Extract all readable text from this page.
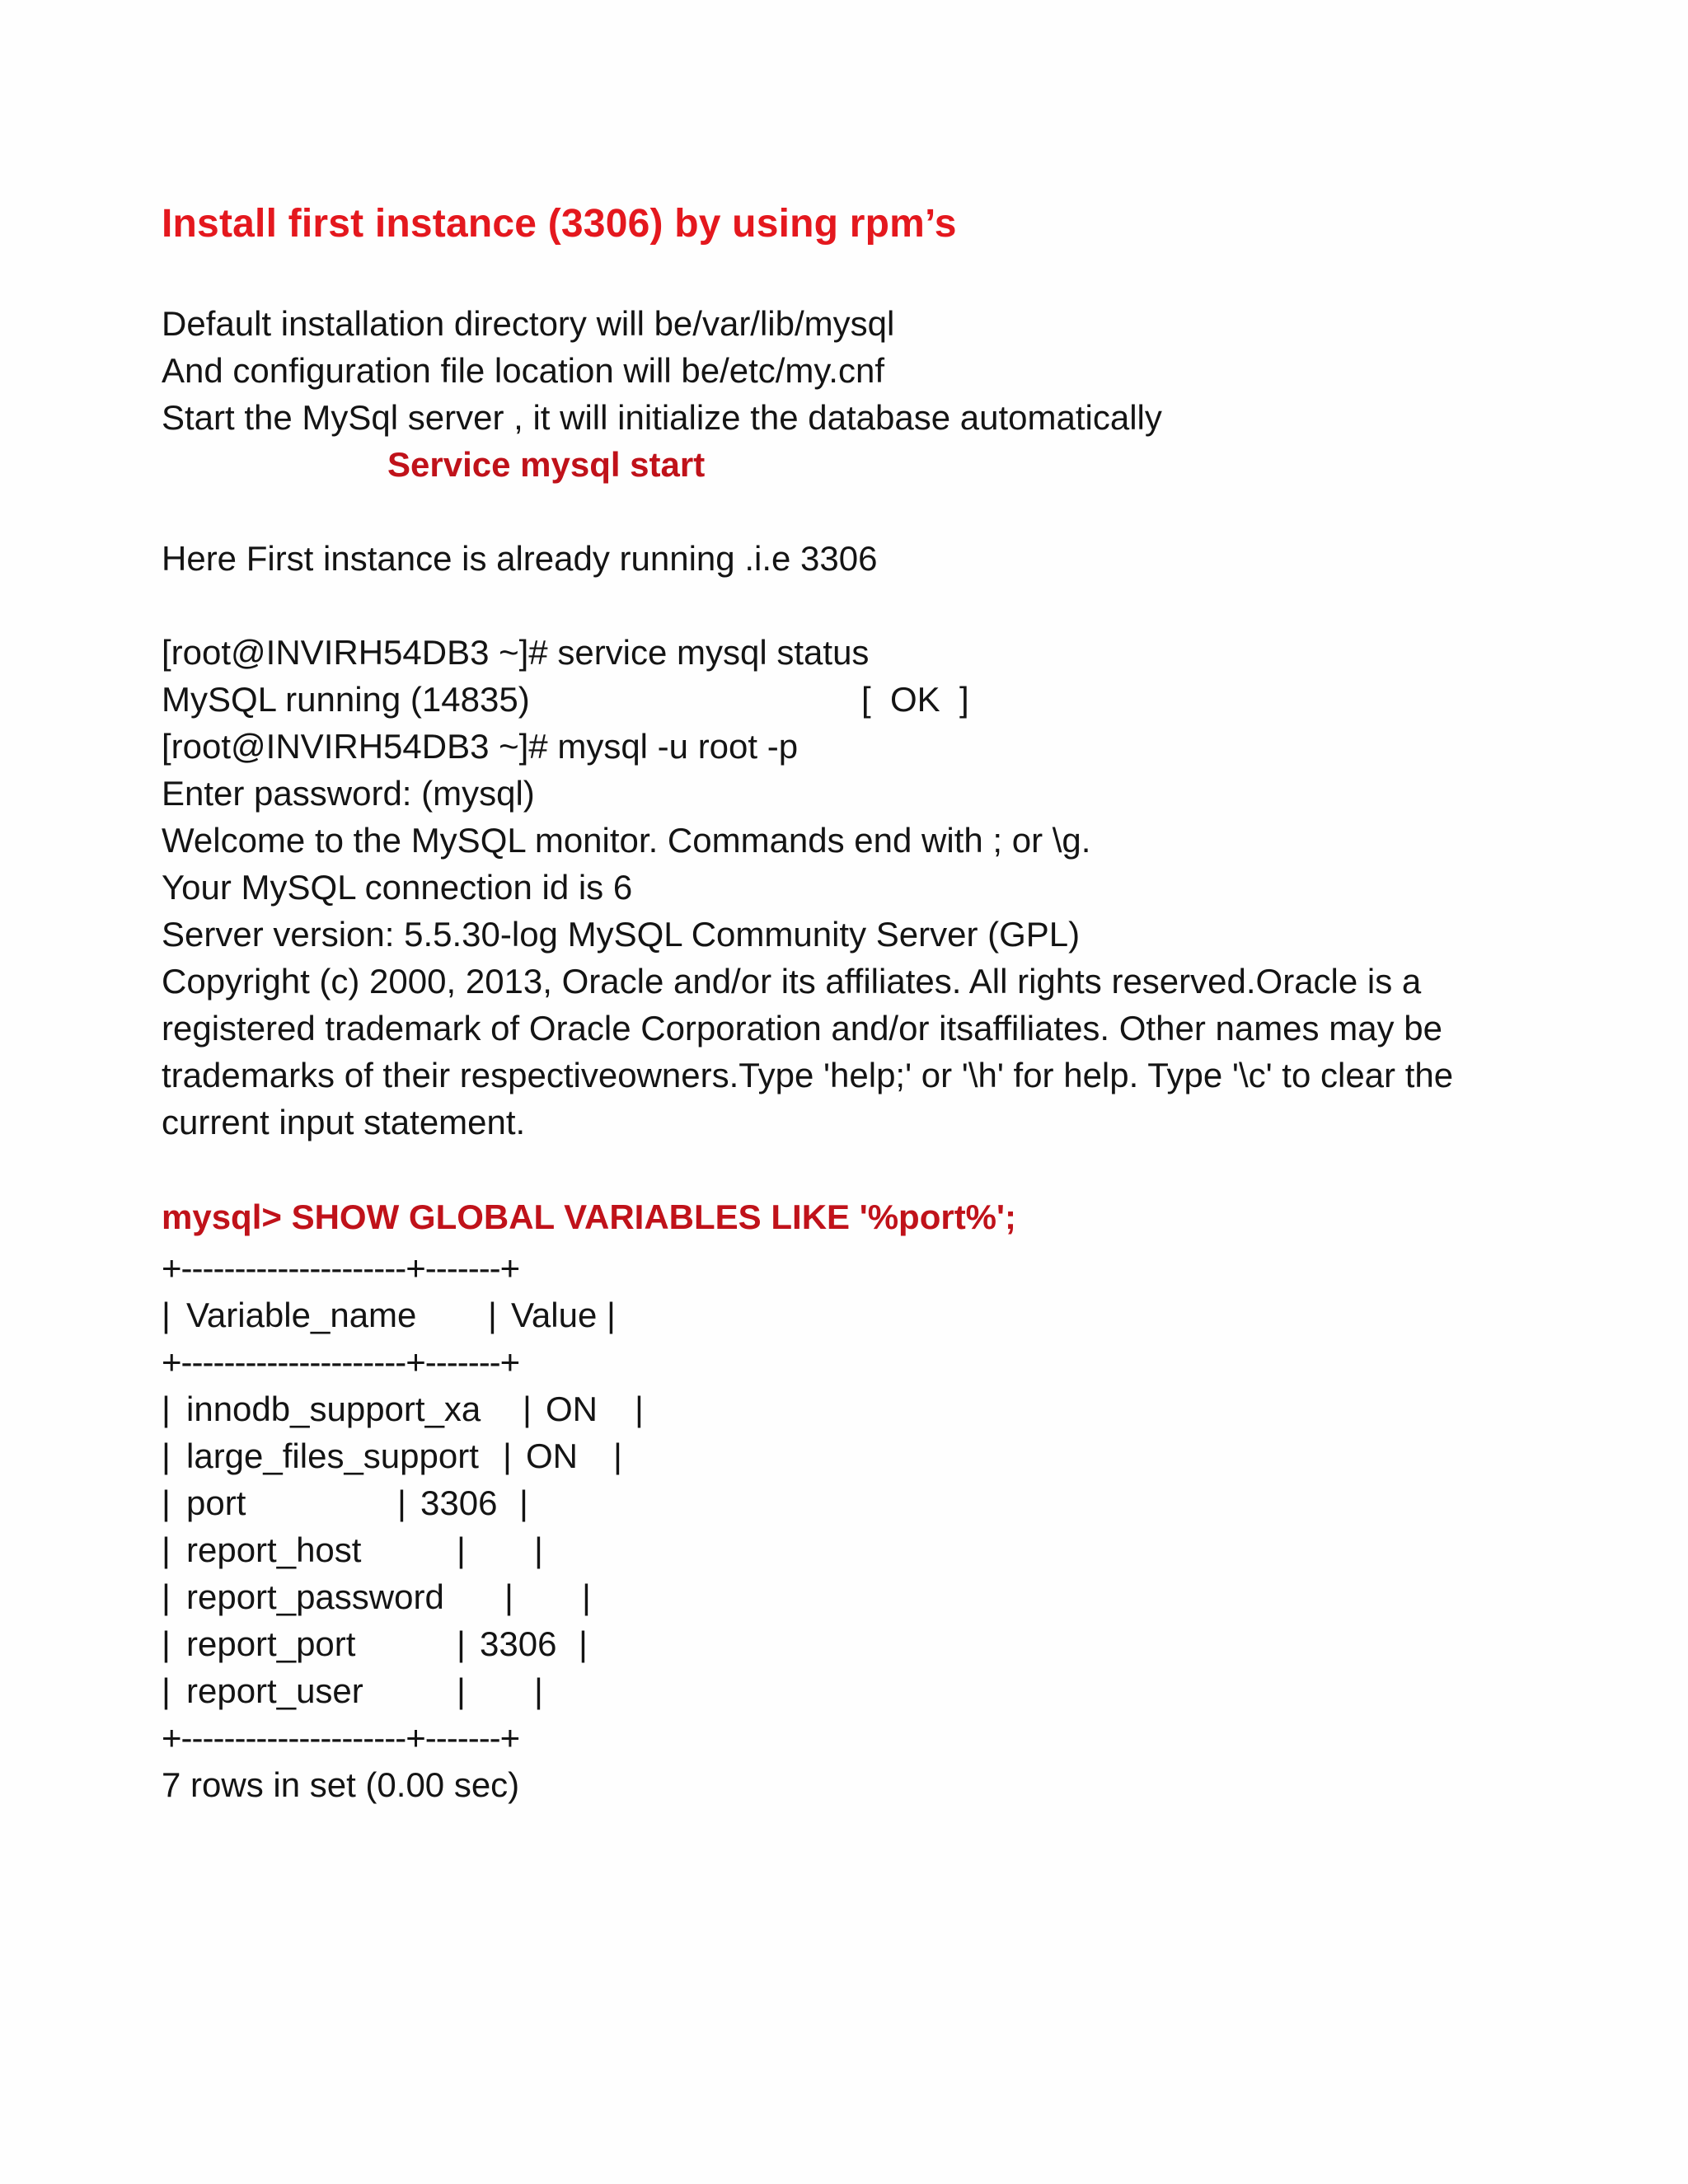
Install first instance (3306) by using rpm’s
Default installation directory will be/var/lib/mysql
And configuration file location will be/etc/my.cnf
Start the MySql server , it will initialize the database automatically
Service mysql start
Here First instance is already running .i.e 3306
[root@INVIRH54DB3 ~]# service mysql status
MySQL running (14835)	[  OK  ]
[root@INVIRH54DB3 ~]# mysql -u root -p
Enter password: (mysql)
Welcome to the MySQL monitor. Commands end with ; or \g.
Your MySQL connection id is 6
Server version: 5.5.30-log MySQL Community Server (GPL)
Copyright (c) 2000, 2013, Oracle and/or its affiliates. All rights reserved.Oracle is a
registered trademark of Oracle Corporation and/or itsaffiliates. Other names may be
trademarks of their respectiveowners.Type 'help;' or '\h' for help. Type '\c' to clear the
current input statement.
mysql> SHOW GLOBAL VARIABLES LIKE '%port%';
+---------------------+-------+
| Variable_name | Value |
+---------------------+-------+
| innodb_support_xa | ON |
| large_files_support | ON |
| port	| 3306 |
| report_host	| |
| report_password | |
| report_port	| 3306 |
| report_user	| |
+---------------------+-------+
7 rows in set (0.00 sec)
